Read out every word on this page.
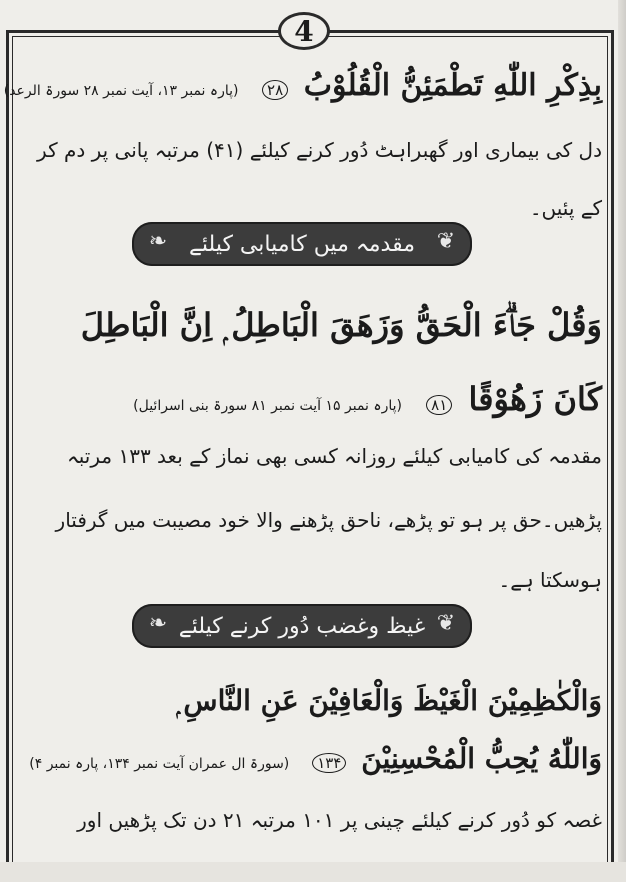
4
بِذِكْرِ اللّٰهِ تَطْمَئِنُّ الْقُلُوْبُ ۲۸ (پارہ نمبر ۱۳، آیت نمبر ۲۸ سورۃ الرعد)
دل کی بیماری اور گھبراہٹ دُور کرنے کیلئے (۴۱) مرتبہ پانی پر دم کر
کے پئیں۔
❦
مقدمہ میں کامیابی کیلئے
❧
وَقُلْ جَاۗءَ الْحَقُّ وَزَهَقَ الْبَاطِلُ ۭ اِنَّ الْبَاطِلَ
كَانَ زَهُوْقًا ۸۱ (پارہ نمبر ۱۵ آیت نمبر ۸۱ سورۃ بنی اسرائیل)
مقدمہ کی کامیابی کیلئے روزانہ کسی بھی نماز کے بعد ۱۳۳ مرتبہ
پڑھیں۔حق پر ہو تو پڑھے، ناحق پڑھنے والا خود مصیبت میں گرفتار
ہوسکتا ہے۔
❦
غیظ وغضب دُور کرنے کیلئے
❧
وَالْكٰظِمِيْنَ الْغَيْظَ وَالْعَافِيْنَ عَنِ النَّاسِ ۭ
وَاللّٰهُ يُحِبُّ الْمُحْسِنِيْنَ ۱۳۴ (سورۃ ال عمران آیت نمبر ۱۳۴، پارہ نمبر ۴)
غصہ کو دُور کرنے کیلئے چینی پر ۱۰۱ مرتبہ ۲۱ دن تک پڑھیں اور
